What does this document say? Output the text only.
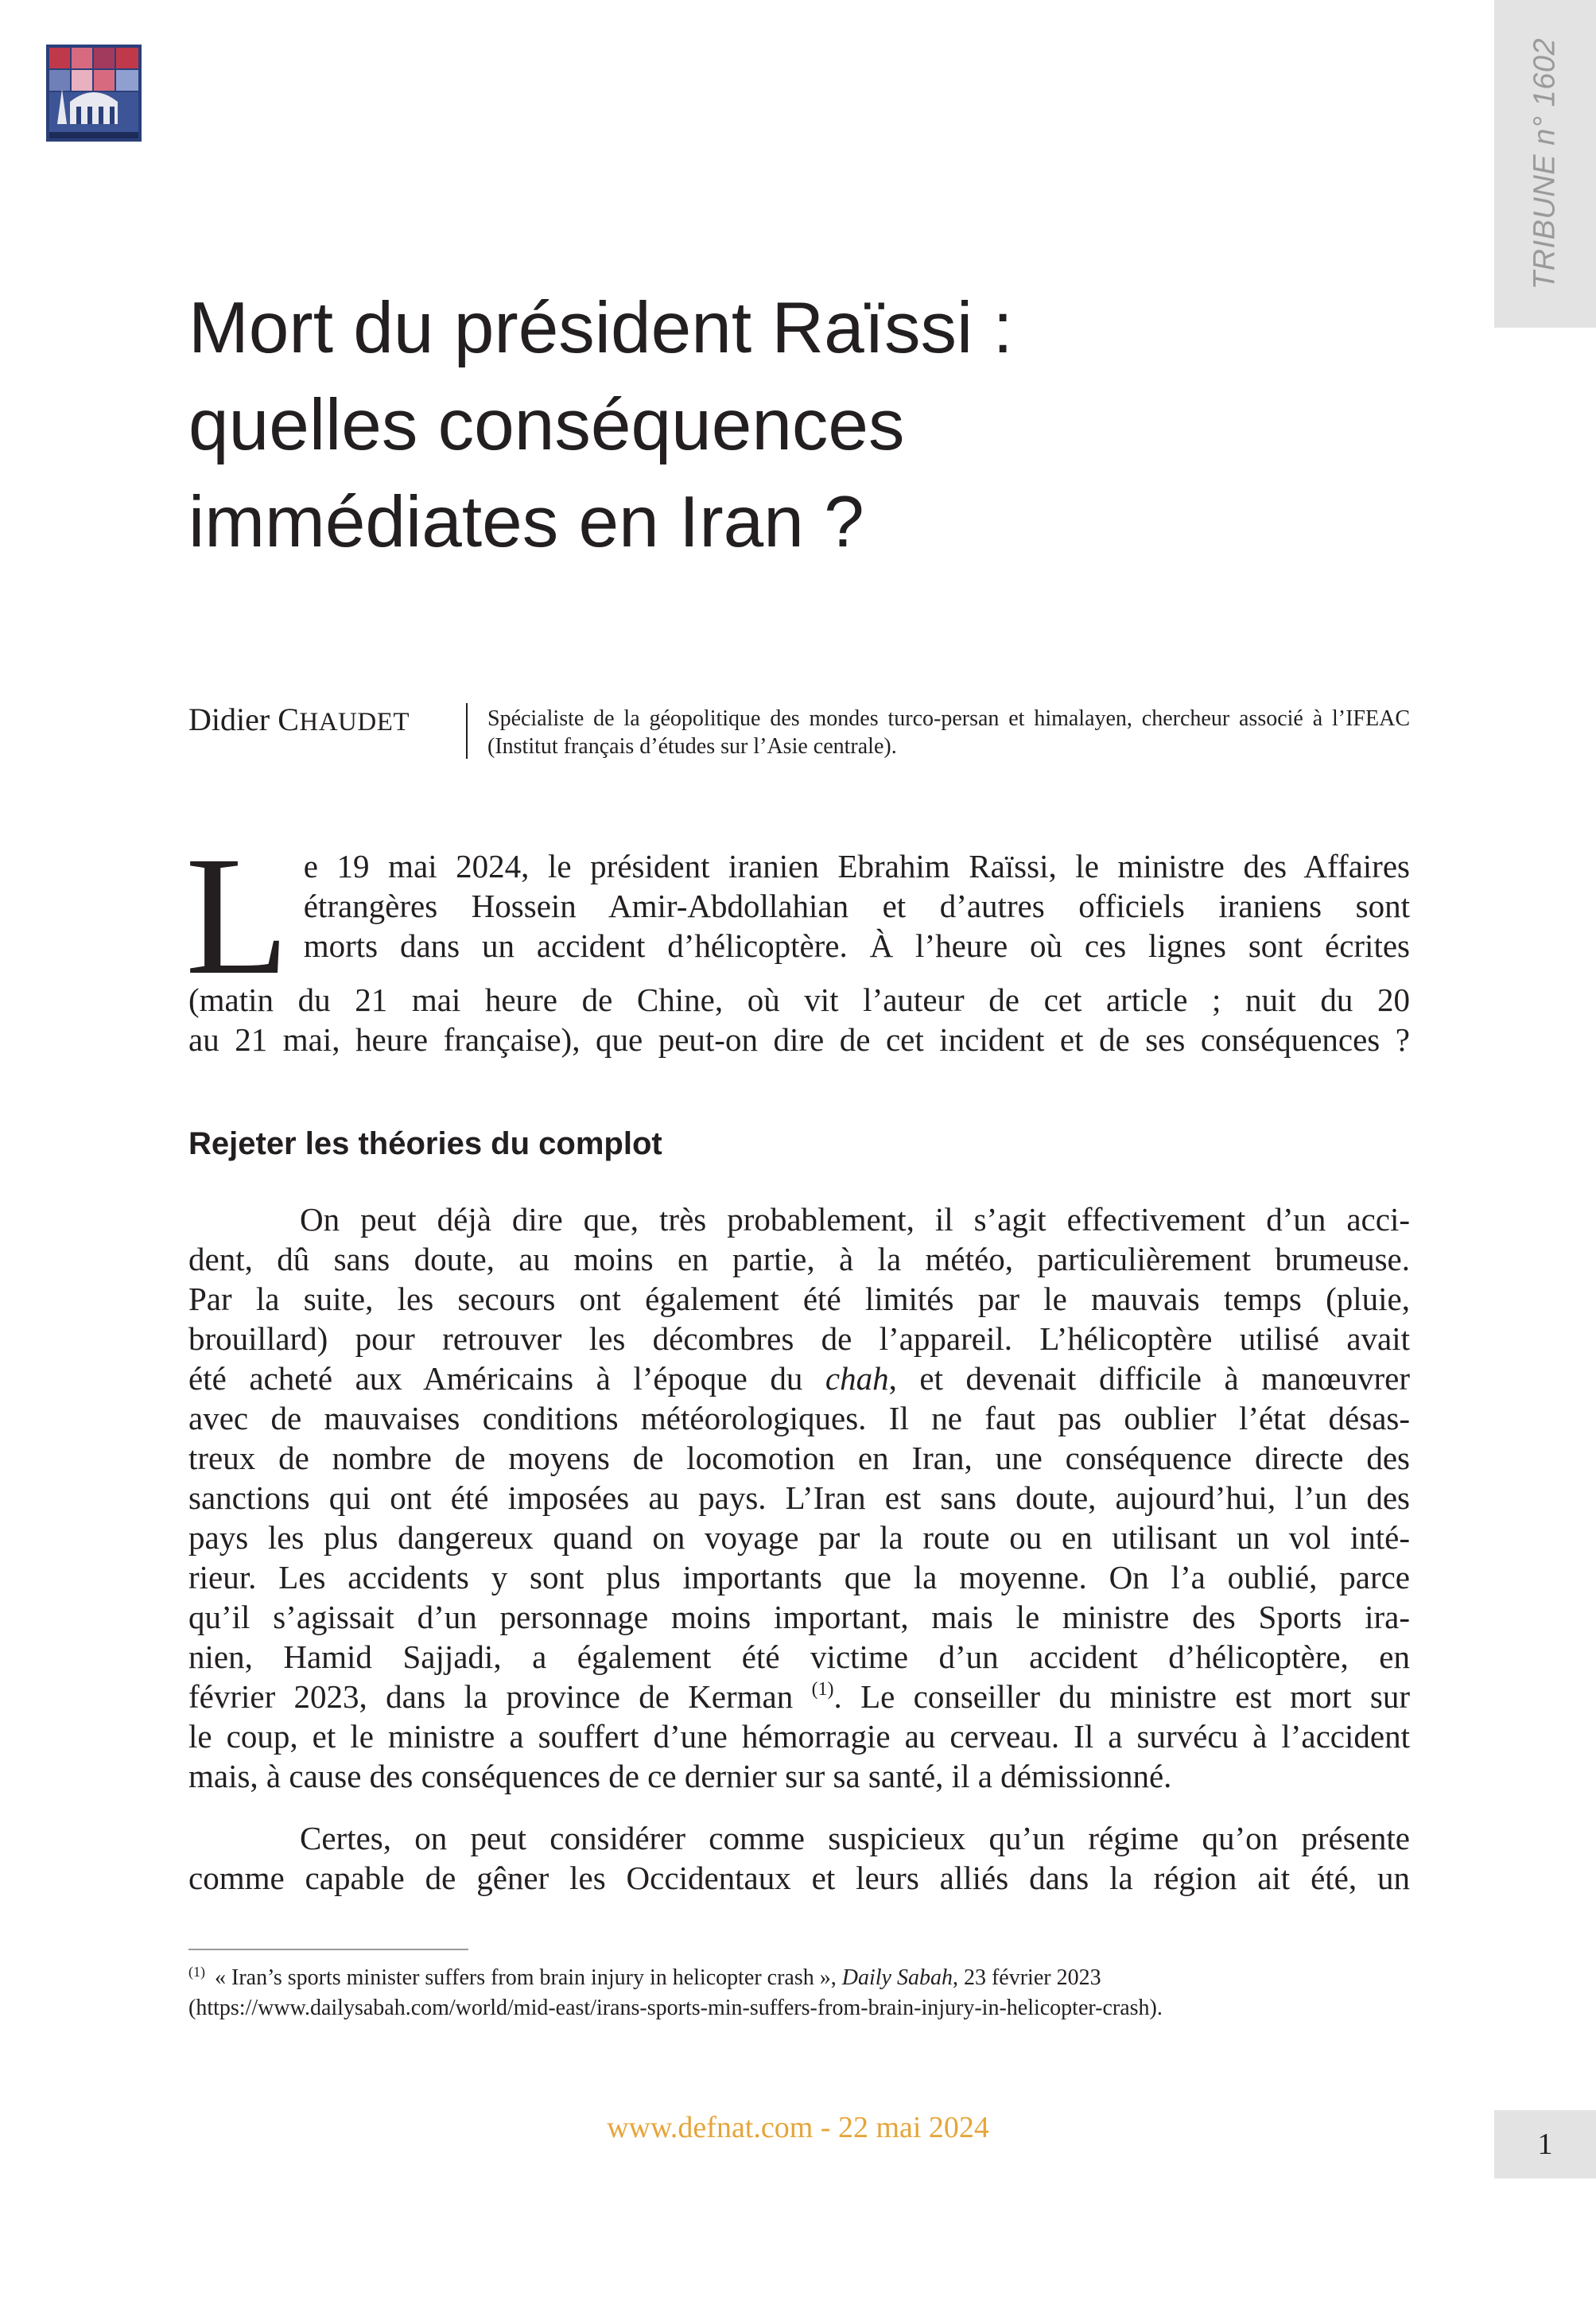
TRIBUNE n° 1602
Mort du président Raïssi :
quelles conséquences
immédiates en Iran ?
Didier CHAUDET	Spécialiste de la géopolitique des mondes turco-persan et himalayen, chercheur associé à l’IFEAC (Institut français d’études sur l’Asie centrale).

L e 19 mai 2024, le président iranien Ebrahim Raïssi, le ministre des Affaires
étrangères Hossein Amir-Abdollahian et d’autres officiels iraniens sont
morts dans un accident d’hélicoptère. À l’heure où ces lignes sont écrites
(matin du 21 mai heure de Chine, où vit l’auteur de cet article ; nuit du 20
au 21 mai, heure française), que peut-on dire de cet incident et de ses conséquences ?
Rejeter les théories du complot
On peut déjà dire que, très probablement, il s’agit effectivement d’un acci-
dent, dû sans doute, au moins en partie, à la météo, particulièrement brumeuse.
Par la suite, les secours ont également été limités par le mauvais temps (pluie,
brouillard) pour retrouver les décombres de l’appareil. L’hélicoptère utilisé avait
été acheté aux Américains à l’époque du chah, et devenait difficile à manœuvrer
avec de mauvaises conditions météorologiques. Il ne faut pas oublier l’état désas-
treux de nombre de moyens de locomotion en Iran, une conséquence directe des
sanctions qui ont été imposées au pays. L’Iran est sans doute, aujourd’hui, l’un des
pays les plus dangereux quand on voyage par la route ou en utilisant un vol inté-
rieur. Les accidents y sont plus importants que la moyenne. On l’a oublié, parce
qu’il s’agissait d’un personnage moins important, mais le ministre des Sports ira-
nien, Hamid Sajjadi, a également été victime d’un accident d’hélicoptère, en
février 2023, dans la province de Kerman $^{(1)}$. Le conseiller du ministre est mort sur
le coup, et le ministre a souffert d’une hémorragie au cerveau. Il a survécu à l’accident
mais, à cause des conséquences de ce dernier sur sa santé, il a démissionné.
Certes, on peut considérer comme suspicieux qu’un régime qu’on présente
comme capable de gêner les Occidentaux et leurs alliés dans la région ait été, un

$^{(1)}$ « Iran’s sports minister suffers from brain injury in helicopter crash », Daily Sabah, 23 février 2023
(https://www.dailysabah.com/world/mid-east/irans-sports-min-suffers-from-brain-injury-in-helicopter-crash).

www.defnat.com - 22 mai 2024	1
